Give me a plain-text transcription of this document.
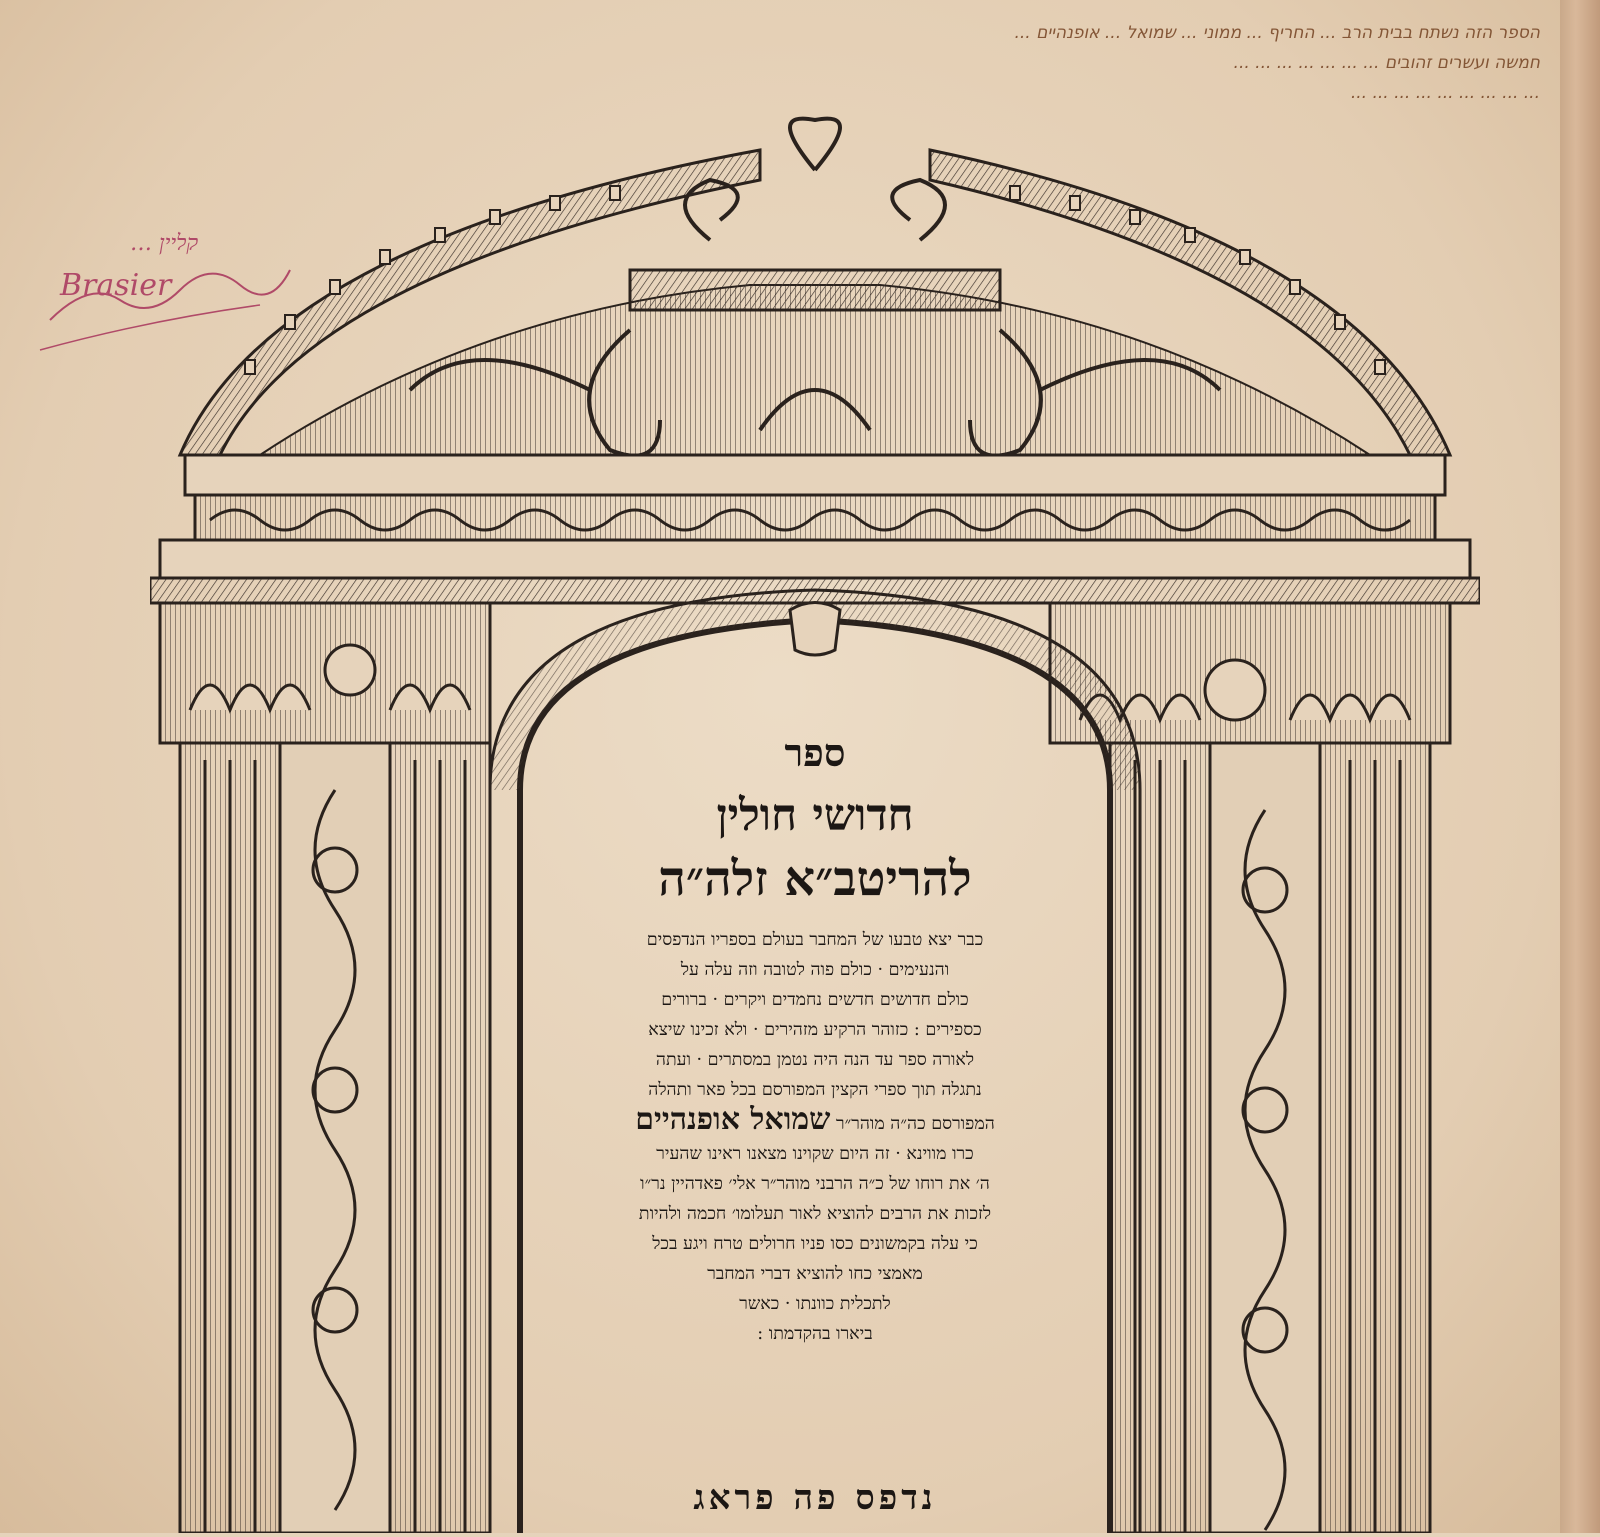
הספר הזה נשתח בבית הרב ... החריף ... ממוני ... שמואל ... אופנהיים ...
חמשה ועשרים זהובים ... ... ... ... ... ... ...
... ... ... ... ... ... ... ... ...
… קליין
Brasier
ספר
חדושי חולין
להריטב״א זלה״ה
כבר יצא טבעו של המחבר בעולם בספריו הנדפסים
והנעימים · כולם פוה לטובה וזה עלה על
כולם חדושים חדשים נחמדים ויקרים · ברורים
כספירים : כזוהר הרקיע מזהירים · ולא זכינו שיצא
לאורה ספר עד הנה היה נטמן במסתרים · ועתה
נתגלה תוך ספרי הקצין המפורסם בכל פאר ותהלה
המפורסם כה״ה מוהר״ר שמואל אופנהיים
כרו מווינא · זה היום שקוינו מצאנו ראינו שהעיר
ה׳ את רוחו של כ״ה הרבני מוהר״ר אלי׳ פאדהיין נר״ו
לזכות את הרבים להוציא לאור תעלומו׳ חכמה ולהיות
כי עלה בקמשונים כסו פניו חרולים טרח ויגע בכל
מאמצי כחו להוציא דברי המחבר
לתכלית כוונתו · כאשר
ביארו בהקדמתו :
נדפס פה פראג
